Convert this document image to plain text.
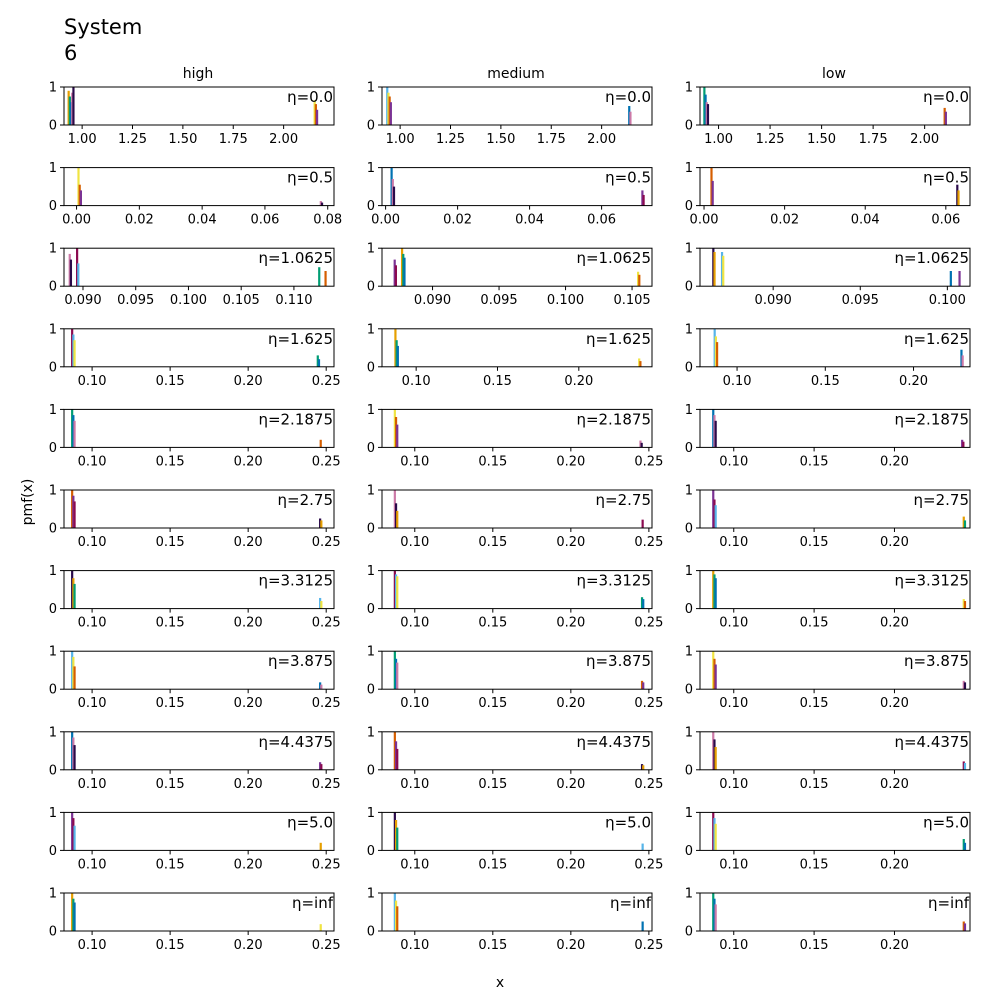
System 6
high	medium	low
pmf(x)
x
0
1
1.00 1.25 1.50 1.75 2.00
η=0.0
0
1
1.00 1.25 1.50 1.75 2.00
η=0.0
0
1
1.00 1.25 1.50 1.75 2.00
η=0.0
0
1
0.00	0.02	0.04	0.06	0.08
η=0.5
0
1
0.00	0.02	0.04	0.06
η=0.5
0
1
0.00	0.02	0.04	0.06
η=0.5
0
1
0.090 0.095 0.100 0.105 0.110
η=1.0625
0
1
0.090 0.095 0.100 0.105
η=1.0625
0
1
0.090	0.095	0.100
η=1.0625
0
1
0.10	0.15	0.20	0.25
η=1.625
0
1
0.10	0.15	0.20
η=1.625
0
1
0.10	0.15	0.20
η=1.625
0
1
0.10	0.15	0.20	0.25
η=2.1875
0
1
0.10	0.15	0.20	0.25
η=2.1875
0
1
0.10	0.15	0.20
η=2.1875
0
1
0.10	0.15	0.20	0.25
η=2.75
0
1
0.10	0.15	0.20	0.25
η=2.75
0
1
0.10	0.15	0.20
η=2.75
0
1
0.10	0.15	0.20	0.25
η=3.3125
0
1
0.10	0.15	0.20	0.25
η=3.3125
0
1
0.10	0.15	0.20
η=3.3125
0
1
0.10	0.15	0.20	0.25
η=3.875
0
1
0.10	0.15	0.20	0.25
η=3.875
0
1
0.10	0.15	0.20
η=3.875
0
1
0.10	0.15	0.20	0.25
η=4.4375
0
1
0.10	0.15	0.20	0.25
η=4.4375
0
1
0.10	0.15	0.20
η=4.4375
0
1
0.10	0.15	0.20	0.25
η=5.0
0
1
0.10	0.15	0.20	0.25
η=5.0
0
1
0.10	0.15	0.20
η=5.0
0
1
0.10	0.15	0.20	0.25
η=inf
0
1
0.10	0.15	0.20	0.25
η=inf
0
1
0.10	0.15	0.20
η=inf
